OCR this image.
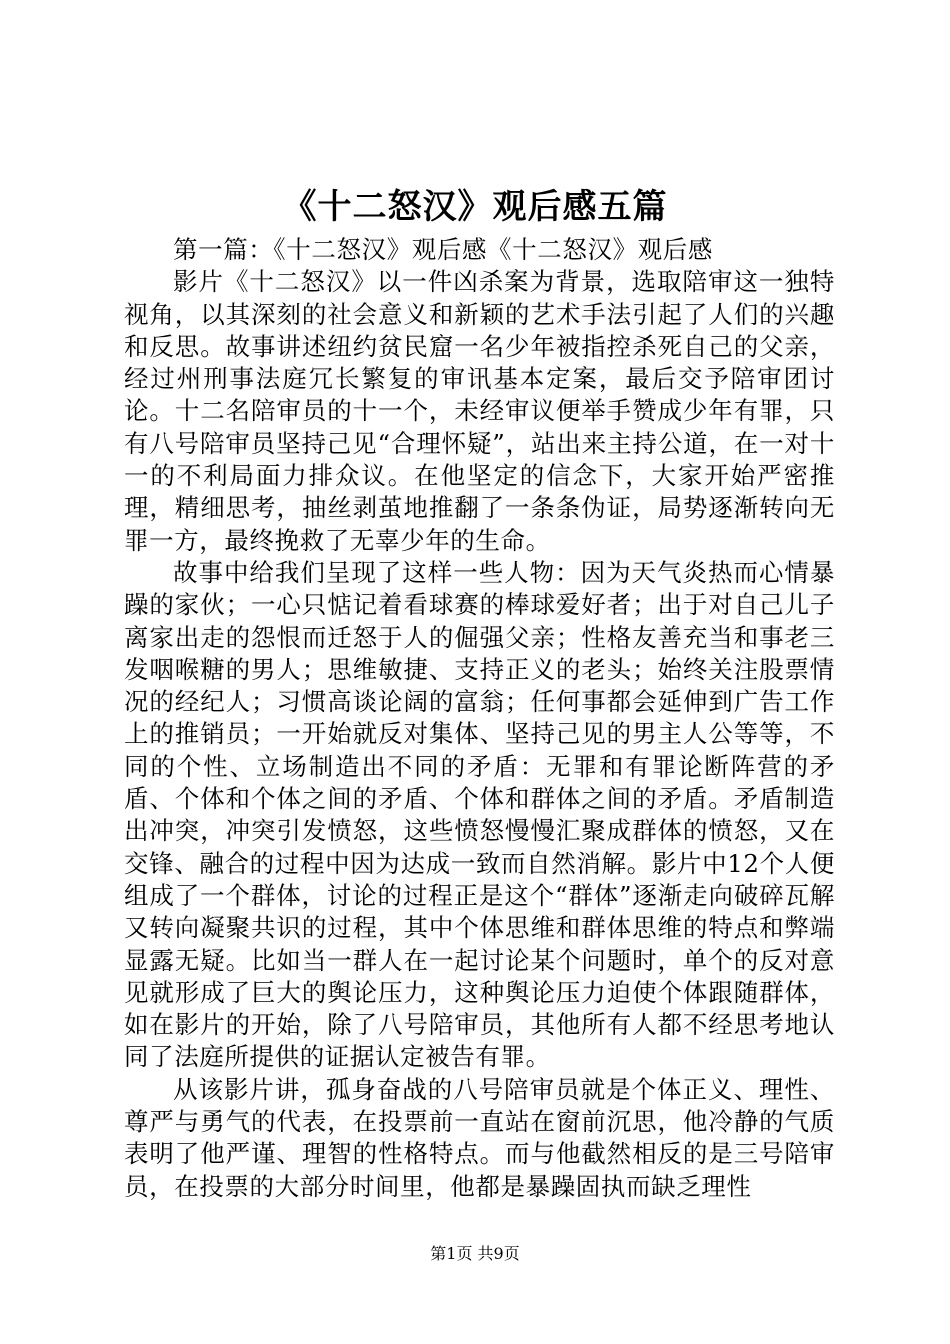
《十二怒汉》观后感五篇

第一篇：《十二怒汉》观后感《十二怒汉》观后感

影片《十二怒汉》以一件凶杀案为背景，选取陪审这一独特视角，以其深刻的社会意义和新颖的艺术手法引起了人们的兴趣和反思。故事讲述纽约贫民窟一名少年被指控杀死自己的父亲，经过州刑事法庭冗长繁复的审讯基本定案，最后交予陪审团讨论。十二名陪审员的十一个，未经审议便举手赞成少年有罪，只有八号陪审员坚持己见“合理怀疑”，站出来主持公道，在一对十一的不利局面力排众议。在他坚定的信念下，大家开始严密推理，精细思考，抽丝剥茧地推翻了一条条伪证，局势逐渐转向无罪一方，最终挽救了无辜少年的生命。

故事中给我们呈现了这样一些人物：因为天气炎热而心情暴躁的家伙；一心只惦记着看球赛的棒球爱好者；出于对自己儿子离家出走的怨恨而迁怒于人的倔强父亲；性格友善充当和事老三发咽喉糖的男人；思维敏捷、支持正义的老头；始终关注股票情况的经纪人；习惯高谈论阔的富翁；任何事都会延伸到广告工作上的推销员；一开始就反对集体、坚持己见的男主人公等等，不同的个性、立场制造出不同的矛盾：无罪和有罪论断阵营的矛盾、个体和个体之间的矛盾、个体和群体之间的矛盾。矛盾制造出冲突，冲突引发愤怒，这些愤怒慢慢汇聚成群体的愤怒，又在交锋、融合的过程中因为达成一致而自然消解。影片中12个人便组成了一个群体，讨论的过程正是这个“群体”逐渐走向破碎瓦解又转向凝聚共识的过程，其中个体思维和群体思维的特点和弊端显露无疑。比如当一群人在一起讨论某个问题时，单个的反对意见就形成了巨大的舆论压力，这种舆论压力迫使个体跟随群体，如在影片的开始，除了八号陪审员，其他所有人都不经思考地认同了法庭所提供的证据认定被告有罪。

从该影片讲，孤身奋战的八号陪审员就是个体正义、理性、尊严与勇气的代表，在投票前一直站在窗前沉思，他冷静的气质表明了他严谨、理智的性格特点。而与他截然相反的是三号陪审员，在投票的大部分时间里，他都是暴躁固执而缺乏理性

第1页 共9页
